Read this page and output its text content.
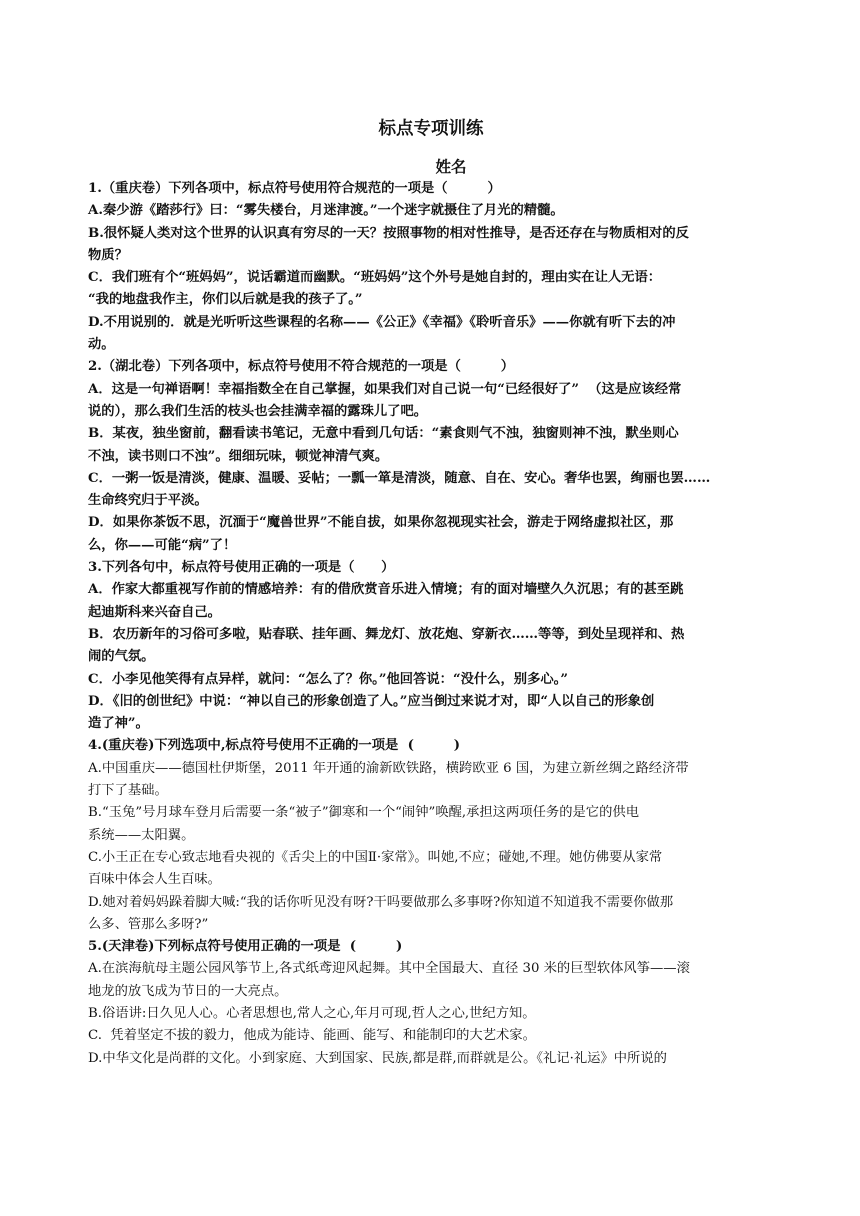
标点专项训练
姓名
1.（重庆卷）下列各项中，标点符号使用符合规范的一项是（　　　）
A.秦少游《踏莎行》曰：“雾失楼台，月迷津渡。”一个迷字就摄住了月光的精髓。
B.很怀疑人类对这个世界的认识真有穷尽的一天？按照事物的相对性推导，是否还存在与物质相对的反
物质？
C．我们班有个“班妈妈”，说话霸道而幽默。“班妈妈”这个外号是她自封的，理由实在让人无语：
“我的地盘我作主，你们以后就是我的孩子了。”
D.不用说别的．就是光听听这些课程的名称——《公正》《幸福》《聆听音乐》——你就有听下去的冲
动。
2.（湖北卷）下列各项中，标点符号使用不符合规范的一项是（　　　）
A．这是一句禅语啊！幸福指数全在自己掌握，如果我们对自己说一句“已经很好了”  （这是应该经常
说的），那么我们生活的枝头也会挂满幸福的露珠儿了吧。
B．某夜，独坐窗前，翻看读书笔记，无意中看到几句话：“素食则气不浊，独窗则神不浊，默坐则心
不浊，读书则口不浊”。细细玩味，顿觉神清气爽。
C．一粥一饭是清淡，健康、温暖、妥帖；一瓢一箪是清淡，随意、自在、安心。奢华也罢，绚丽也罢……
生命终究归于平淡。
D．如果你茶饭不思，沉湎于“魔兽世界”不能自拔，如果你忽视现实社会，游走于网络虚拟社区，那
么，你——可能“病”了！
3.下列各句中，标点符号使用正确的一项是（　　）
A．作家大都重视写作前的情感培养：有的借欣赏音乐进入情境；有的面对墙壁久久沉思；有的甚至跳
起迪斯科来兴奋自己。
B．农历新年的习俗可多啦，贴春联、挂年画、舞龙灯、放花炮、穿新衣……等等，到处呈现祥和、热
闹的气氛。
C．小李见他笑得有点异样，就问：“怎么了？你。”他回答说：“没什么，别多心。”
D．《旧的创世纪》中说：“神以自己的形象创造了人。”应当倒过来说才对，即“人以自己的形象创
造了神”。
4.(重庆卷)下列选项中,标点符号使用不正确的一项是  (　　　)
A.中国重庆——德国杜伊斯堡，2011 年开通的渝新欧铁路，横跨欧亚 6 国，为建立新丝绸之路经济带
打下了基础。
B.“玉兔”号月球车登月后需要一条“被子”御寒和一个“闹钟”唤醒,承担这两项任务的是它的供电
系统——太阳翼。
C.小王正在专心致志地看央视的《舌尖上的中国Ⅱ·家常》。叫她,不应；碰她,不理。她仿佛要从家常
百味中体会人生百味。
D.她对着妈妈跺着脚大喊:“我的话你听见没有呀?干吗要做那么多事呀?你知道不知道我不需要你做那
么多、管那么多呀?”
5.(天津卷)下列标点符号使用正确的一项是  (　　　)
A.在滨海航母主题公园风筝节上,各式纸鸢迎风起舞。其中全国最大、直径 30 米的巨型软体风筝——滚
地龙的放飞成为节日的一大亮点。
B.俗语讲:日久见人心。心者思想也,常人之心,年月可现,哲人之心,世纪方知。
C.  凭着坚定不拔的毅力，他成为能诗、能画、能写、和能制印的大艺术家。
D.中华文化是尚群的文化。小到家庭、大到国家、民族,都是群,而群就是公。《礼记·礼运》中所说的
